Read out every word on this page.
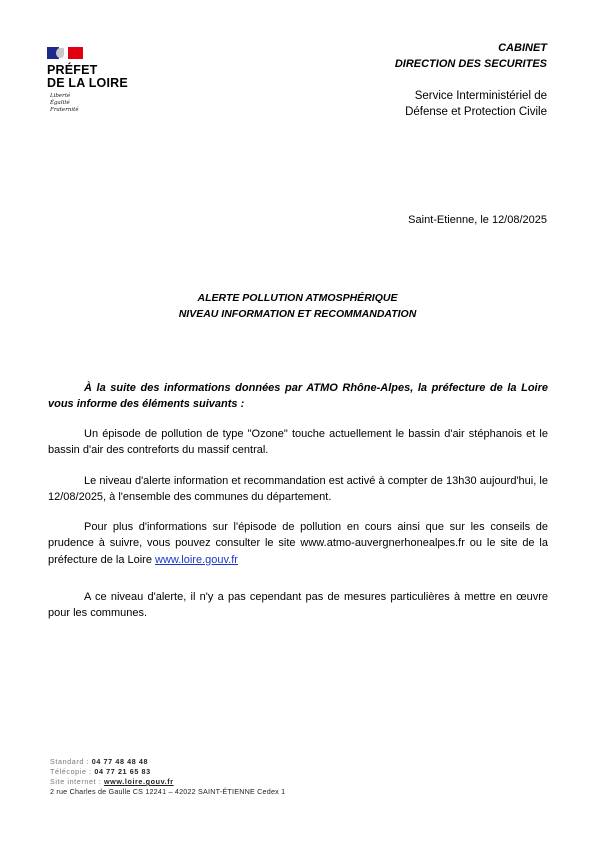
PRÉFET
DE LA LOIRE
Liberté
Égalité
Fraternité
CABINET
DIRECTION DES SECURITES
Service Interministériel de
Défense et Protection Civile
Saint-Etienne, le 12/08/2025
ALERTE POLLUTION ATMOSPHÉRIQUE
NIVEAU INFORMATION ET RECOMMANDATION

À la suite des informations données par ATMO Rhône-Alpes, la préfecture de la Loire vous informe des éléments suivants :

Un épisode de pollution de type "Ozone" touche actuellement le bassin d'air stéphanois et le bassin d'air des contreforts du massif central.

Le niveau d'alerte information et recommandation est activé à compter de 13h30 aujourd'hui, le 12/08/2025, à l'ensemble des communes du département.

Pour plus d'informations sur l'épisode de pollution en cours ainsi que sur les conseils de prudence à suivre, vous pouvez consulter le site www.atmo-auvergnerhonealpes.fr ou le site de la préfecture de la Loire www.loire.gouv.fr

A ce niveau d'alerte, il n'y a pas cependant pas de mesures particulières à mettre en œuvre pour les communes.

Standard : 04 77 48 48 48
Télécopie : 04 77 21 65 83
Site internet : www.loire.gouv.fr
2 rue Charles de Gaulle CS 12241 – 42022 SAINT-ÉTIENNE Cedex 1
